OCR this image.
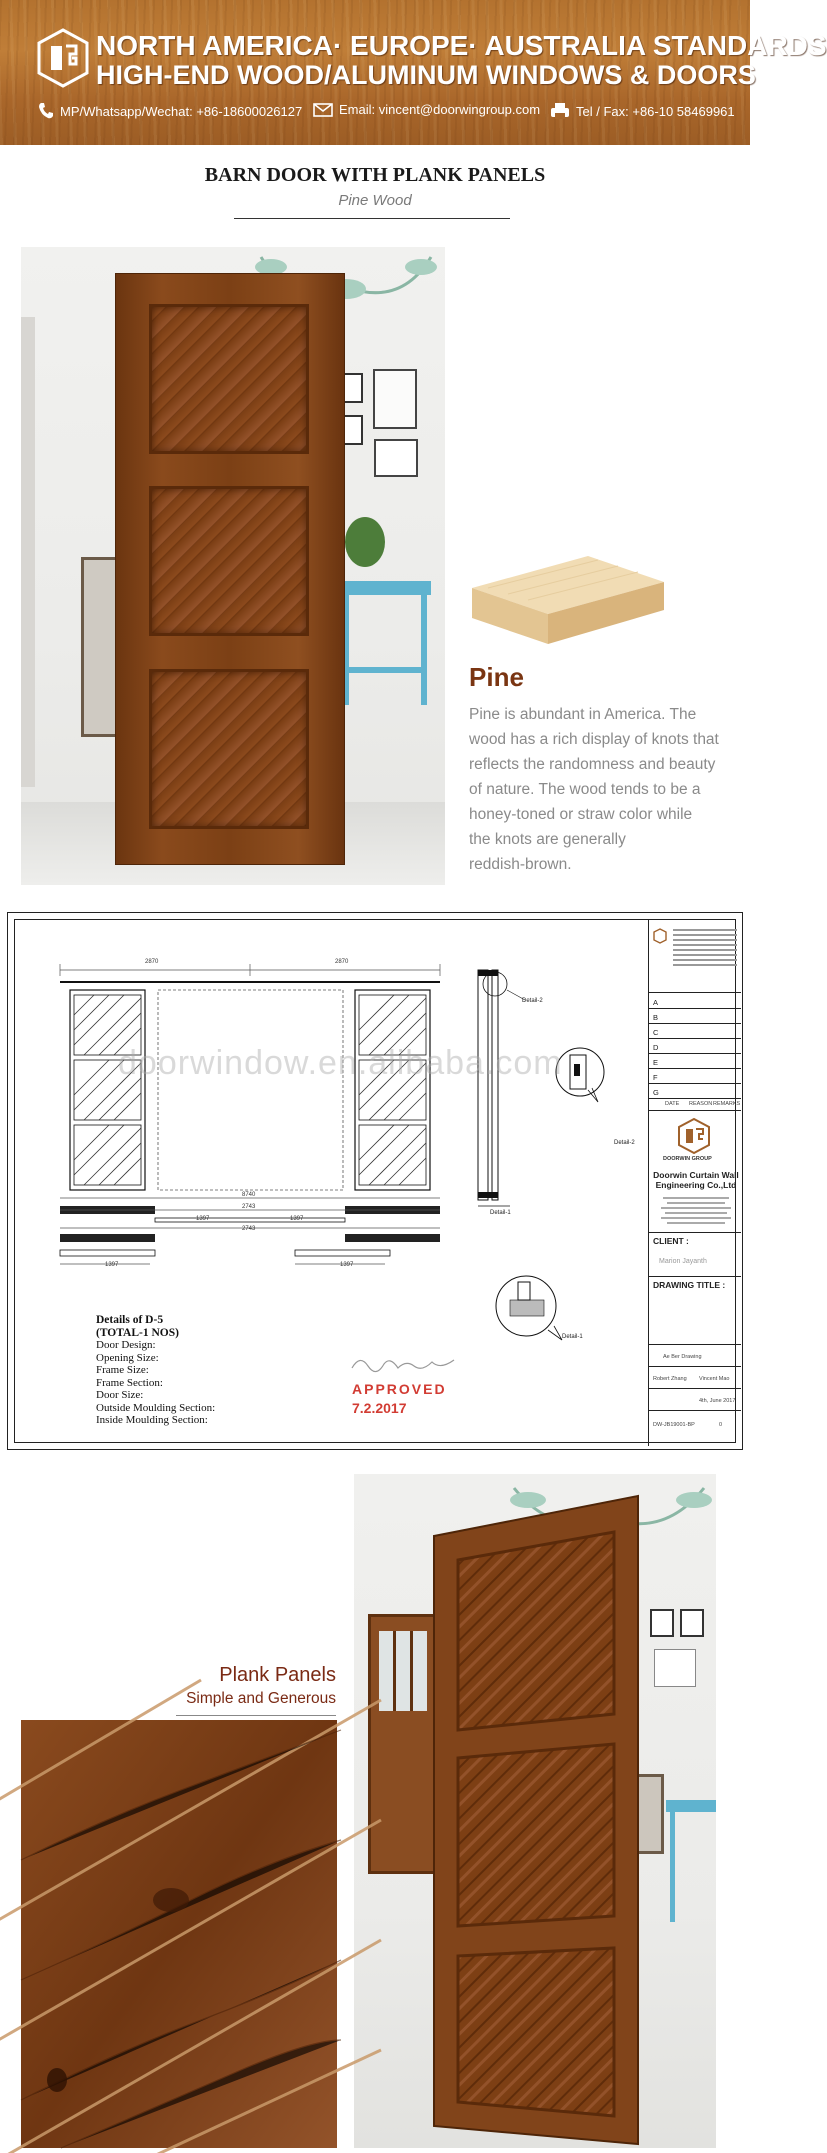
NORTH AMERICA· EUROPE· AUSTRALIA STANDARDS
HIGH-END WOOD/ALUMINUM WINDOWS & DOORS
MP/Whatsapp/Wechat: +86-18600026127	Email: vincent@doorwingroup.com	Tel / Fax: +86-10 58469961
BARN DOOR WITH PLANK PANELS
Pine Wood
Pine
Pine is abundant in America. The
wood has a rich display of knots that
reflects the randomness and beauty
of nature. The wood tends to be a
honey-toned or straw color while
the knots are generally
reddish-brown.
2870	2870
8740
2743
1397	1397
2743
1397	1397
Detail-2
Detail-2
Detail-1
Detail-1
doorwindow.en.alibaba.com
Details of D-5
(TOTAL-1 NOS)
Door Design:
Opening Size:
Frame Size:
Frame Section:
Door Size:
Outside Moulding Section:
Inside Moulding Section:
APPROVED
7.2.2017
A
B
C
D
E
F
G
DATE REASON REMARKS
DOORWIN GROUP
Doorwin Curtain Wall Engineering Co.,Ltd
CLIENT :
Marion Jayanth
DRAWING TITLE :
Ae Ber Drawing
Robert Zhang Vincent Mao
4th, June 2017
DW-JB19001-BP	0
Plank Panels
Simple and Generous
